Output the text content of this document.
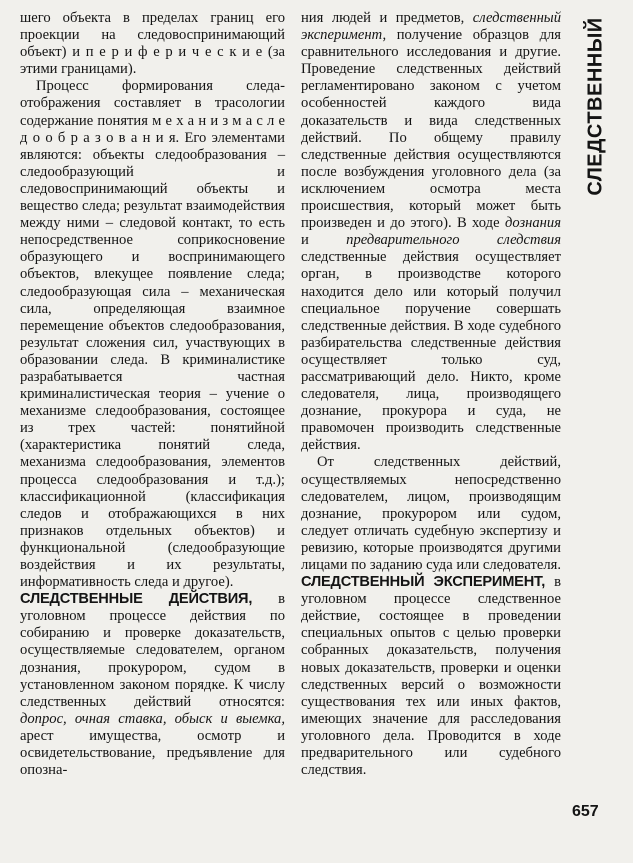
шего объекта в пределах границ его проекции на следовоспринимающий объект) и п е р и ф е р и ч е с к и е (за этими границами).

Процесс формирования следа-отображения составляет в трасологии содержание понятия м е х а н и з м а с л е д о о б р а з о в а н и я. Его элементами являются: объекты следообразования – следообразующий и следовоспринимающий объекты и вещество следа; результат взаимодействия между ними – следовой контакт, то есть непосредственное соприкосновение образующего и воспринимающего объектов, влекущее появление следа; следообразующая сила – механическая сила, определяющая взаимное перемещение объектов следообразования, результат сложения сил, участвующих в образовании следа. В криминалистике разрабатывается частная криминалистическая теория – учение о механизме следообразования, состоящее из трех частей: понятийной (характеристика понятий следа, механизма следообразования, элементов процесса следообразования и т.д.); классификационной (классификация следов и отображающихся в них признаков отдельных объектов) и функциональной (следообразующие воздействия и их результаты, информативность следа и другое).

СЛЕДСТВЕННЫЕ ДЕЙСТВИЯ, в уголовном процессе действия по собиранию и проверке доказательств, осуществляемые следователем, органом дознания, прокурором, судом в установленном законом порядке. К числу следственных действий относятся: допрос, очная ставка, обыск и выемка, арест имущества, осмотр и освидетельствование, предъявление для опозна-

ния людей и предметов, следственный эксперимент, получение образцов для сравнительного исследования и другие. Проведение следственных действий регламентировано законом с учетом особенностей каждого вида доказательств и вида следственных действий. По общему правилу следственные действия осуществляются после возбуждения уголовного дела (за исключением осмотра места происшествия, который может быть произведен и до этого). В ходе дознания и предварительного следствия следственные действия осуществляет орган, в производстве которого находится дело или который получил специальное поручение совершать следственные действия. В ходе судебного разбирательства следственные действия осуществляет только суд, рассматривающий дело. Никто, кроме следователя, лица, производящего дознание, прокурора и суда, не правомочен производить следственные действия.

От следственных действий, осуществляемых непосредственно следователем, лицом, производящим дознание, прокурором или судом, следует отличать судебную экспертизу и ревизию, которые производятся другими лицами по заданию суда или следователя.

СЛЕДСТВЕННЫЙ ЭКСПЕРИМЕНТ, в уголовном процессе следственное действие, состоящее в проведении специальных опытов с целью проверки собранных доказательств, получения новых доказательств, проверки и оценки следственных версий о возможности существования тех или иных фактов, имеющих значение для расследования уголовного дела. Проводится в ходе предварительного или судебного следствия.

СЛЕДСТВЕННЫЙ
657
